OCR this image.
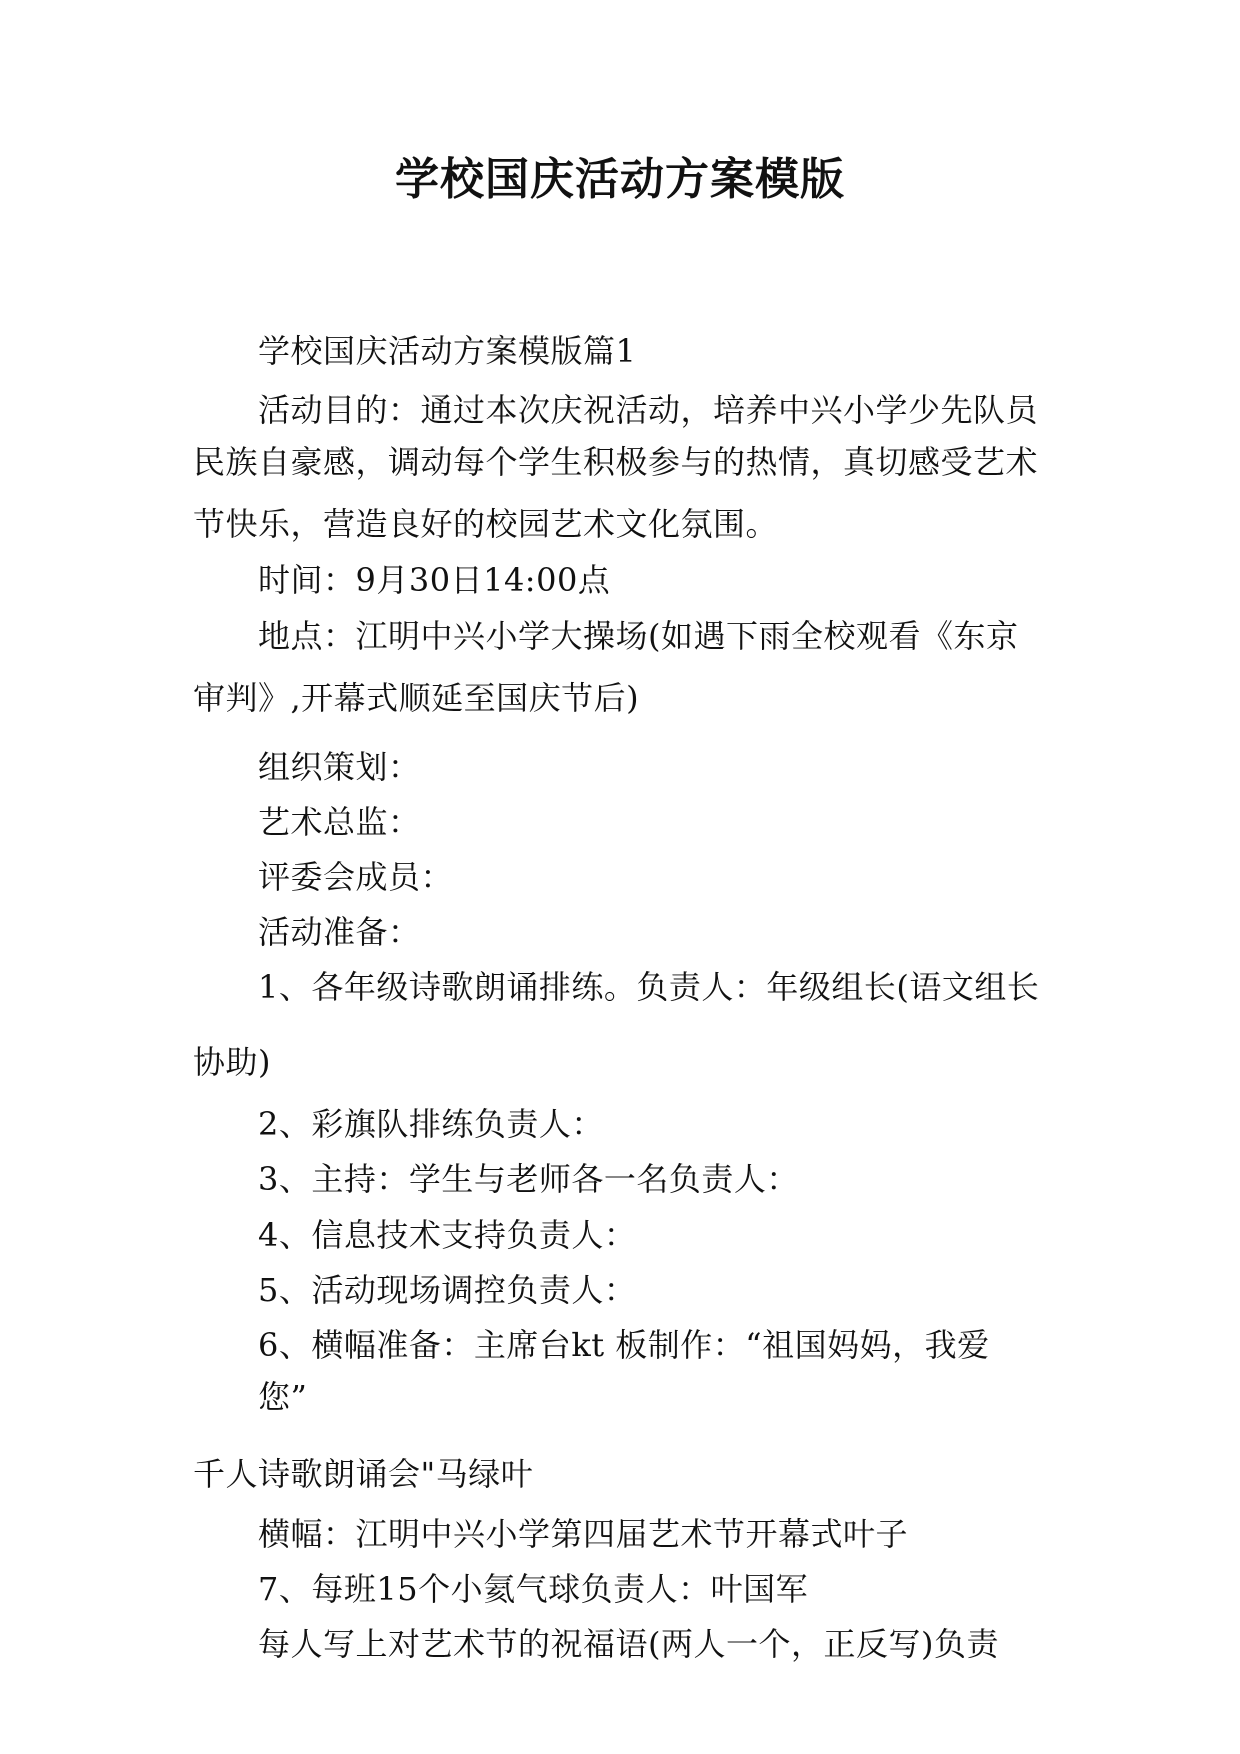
学校国庆活动方案模版
学校国庆活动方案模版篇1
活动目的：通过本次庆祝活动，培养中兴小学少先队员
民族自豪感，调动每个学生积极参与的热情，真切感受艺术
节快乐，营造良好的校园艺术文化氛围。
时间：9月30日14:00点
地点：江明中兴小学大操场(如遇下雨全校观看《东京
审判》,开幕式顺延至国庆节后)
组织策划：
艺术总监：
评委会成员：
活动准备：
1、各年级诗歌朗诵排练。负责人：年级组长(语文组长
协助)
2、彩旗队排练负责人：
3、主持：学生与老师各一名负责人：
4、信息技术支持负责人：
5、活动现场调控负责人：
6、横幅准备：主席台kt 板制作：“祖国妈妈，我爱
您”
千人诗歌朗诵会"马绿叶
横幅：江明中兴小学第四届艺术节开幕式叶子
7、每班15个小氦气球负责人：叶国军
每人写上对艺术节的祝福语(两人一个，正反写)负责
